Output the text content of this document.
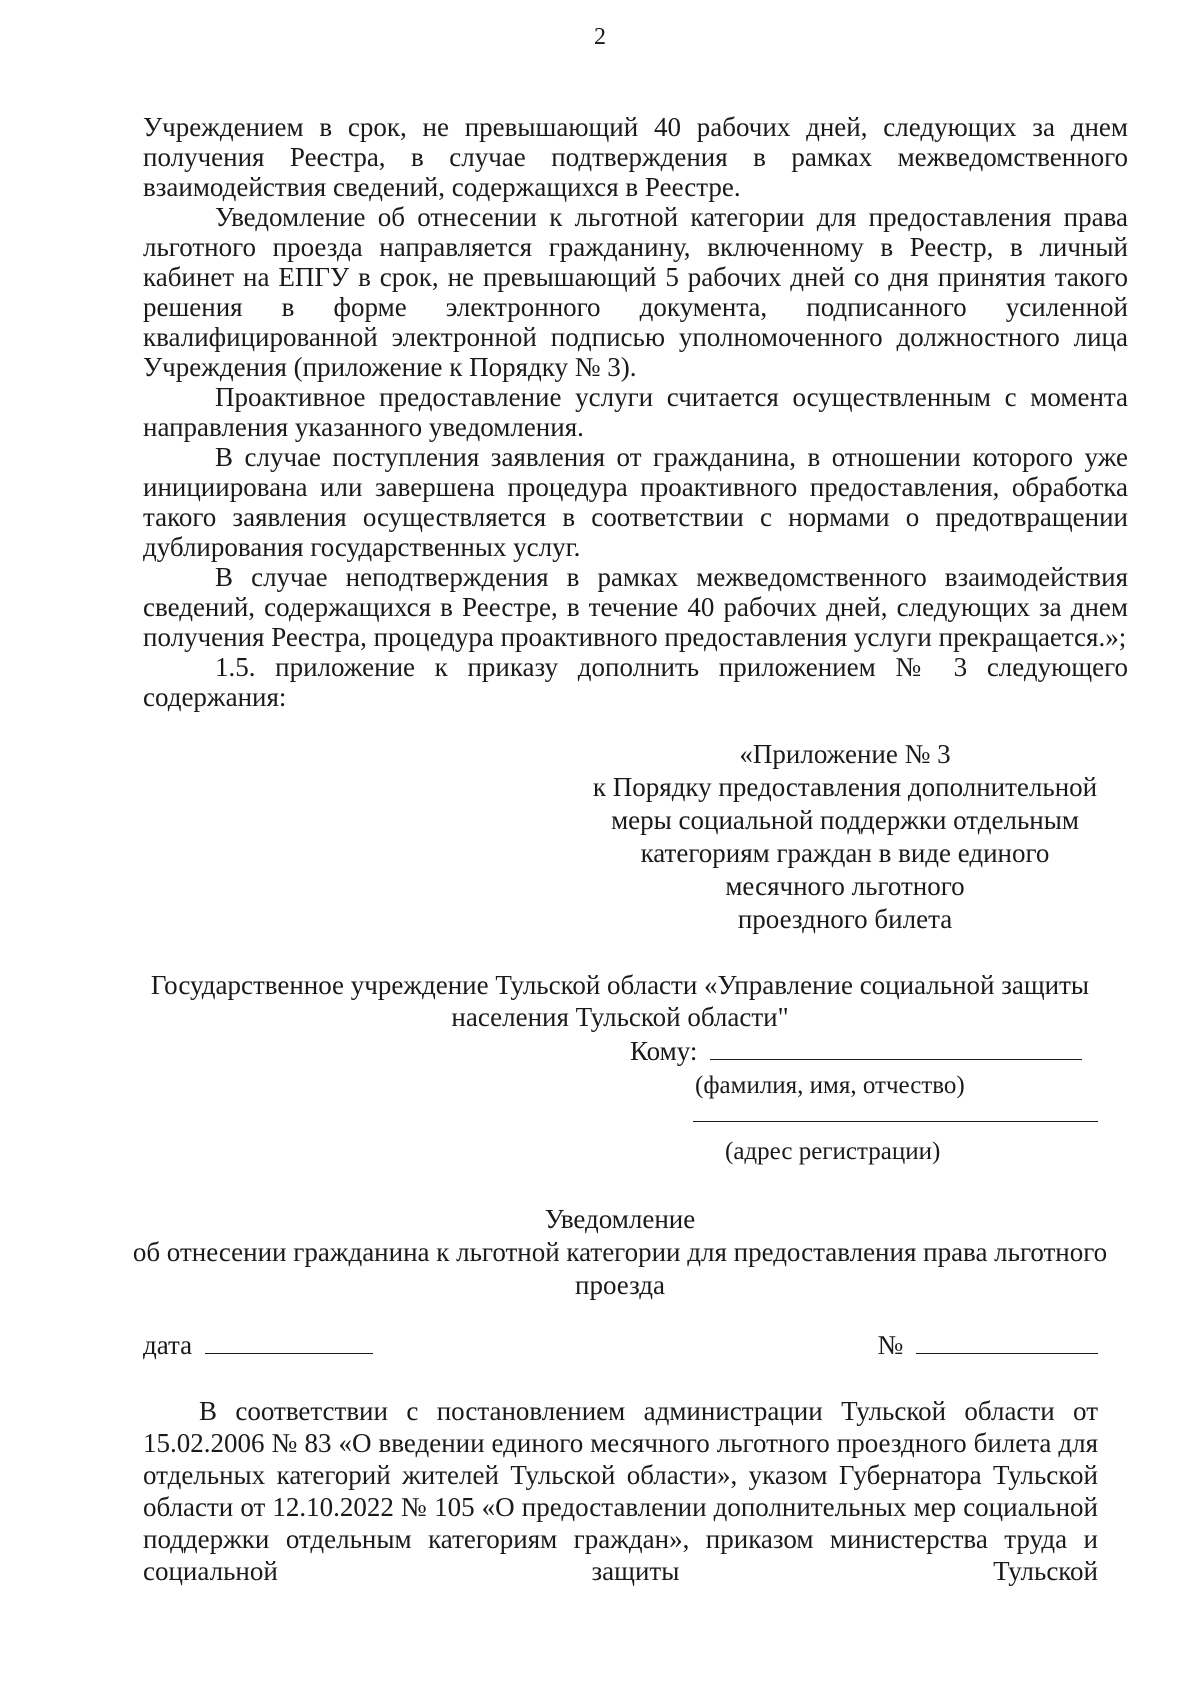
2

Учреждением в срок, не превышающий 40 рабочих дней, следующих за днем получения Реестра, в случае подтверждения в рамках межведомственного взаимодействия сведений, содержащихся в Реестре.

Уведомление об отнесении к льготной категории для предоставления права льготного проезда направляется гражданину, включенному в Реестр, в личный кабинет на ЕПГУ в срок, не превышающий 5 рабочих дней со дня принятия такого решения в форме электронного документа, подписанного усиленной квалифицированной электронной подписью уполномоченного должностного лица Учреждения (приложение к Порядку № 3).

Проактивное предоставление услуги считается осуществленным с момента направления указанного уведомления.

В случае поступления заявления от гражданина, в отношении которого уже инициирована или завершена процедура проактивного предоставления, обработка такого заявления осуществляется в соответствии с нормами о предотвращении дублирования государственных услуг.

В случае неподтверждения в рамках межведомственного взаимодействия сведений, содержащихся в Реестре, в течение 40 рабочих дней, следующих за днем получения Реестра, процедура проактивного предоставления услуги прекращается.»;

1.5. приложение к приказу дополнить приложением № 3 следующего содержания:

«Приложение № 3
к Порядку предоставления дополнительной
меры социальной поддержки отдельным
категориям граждан в виде единого
месячного льготного
проездного билета
Государственное учреждение Тульской области «Управление социальной защиты населения Тульской области"
Кому:
(фамилия, имя, отчество)
(адрес регистрации)
Уведомление
об отнесении гражданина к льготной категории для предоставления права льготного проезда
дата	№

В соответствии с постановлением администрации Тульской области от 15.02.2006 № 83 «О введении единого месячного льготного проездного билета для отдельных категорий жителей Тульской области», указом Губернатора Тульской области от 12.10.2022 № 105 «О предоставлении дополнительных мер социальной поддержки отдельным категориям граждан», приказом министерства труда и социальной защиты Тульской
